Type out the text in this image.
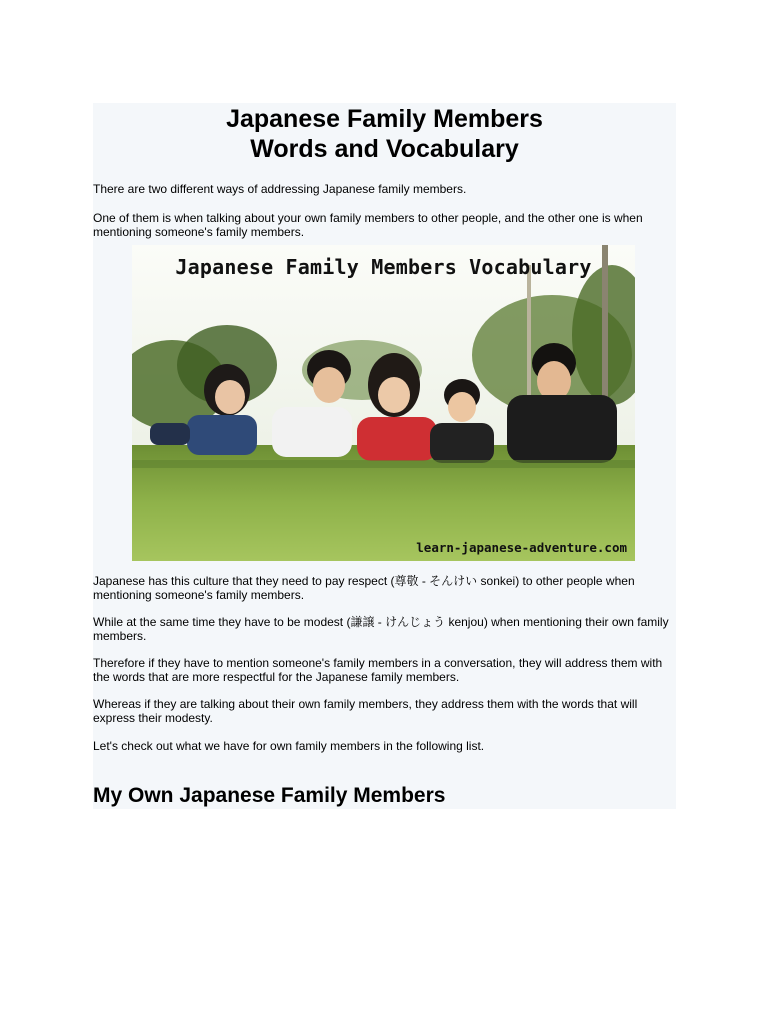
Japanese Family Members
Words and Vocabulary

There are two different ways of addressing Japanese family members.

One of them is when talking about your own family members to other people, and the other one is when mentioning someone's family members.

Japanese Family Members Vocabulary
learn-japanese-adventure.com

Japanese has this culture that they need to pay respect (尊敬 - そんけい sonkei) to other people when mentioning someone's family members.

While at the same time they have to be modest (謙譲 - けんじょう kenjou) when mentioning their own family members.

Therefore if they have to mention someone's family members in a conversation, they will address them with the words that are more respectful for the Japanese family members.

Whereas if they are talking about their own family members, they address them with the words that will express their modesty.

Let's check out what we have for own family members in the following list.

My Own Japanese Family Members
